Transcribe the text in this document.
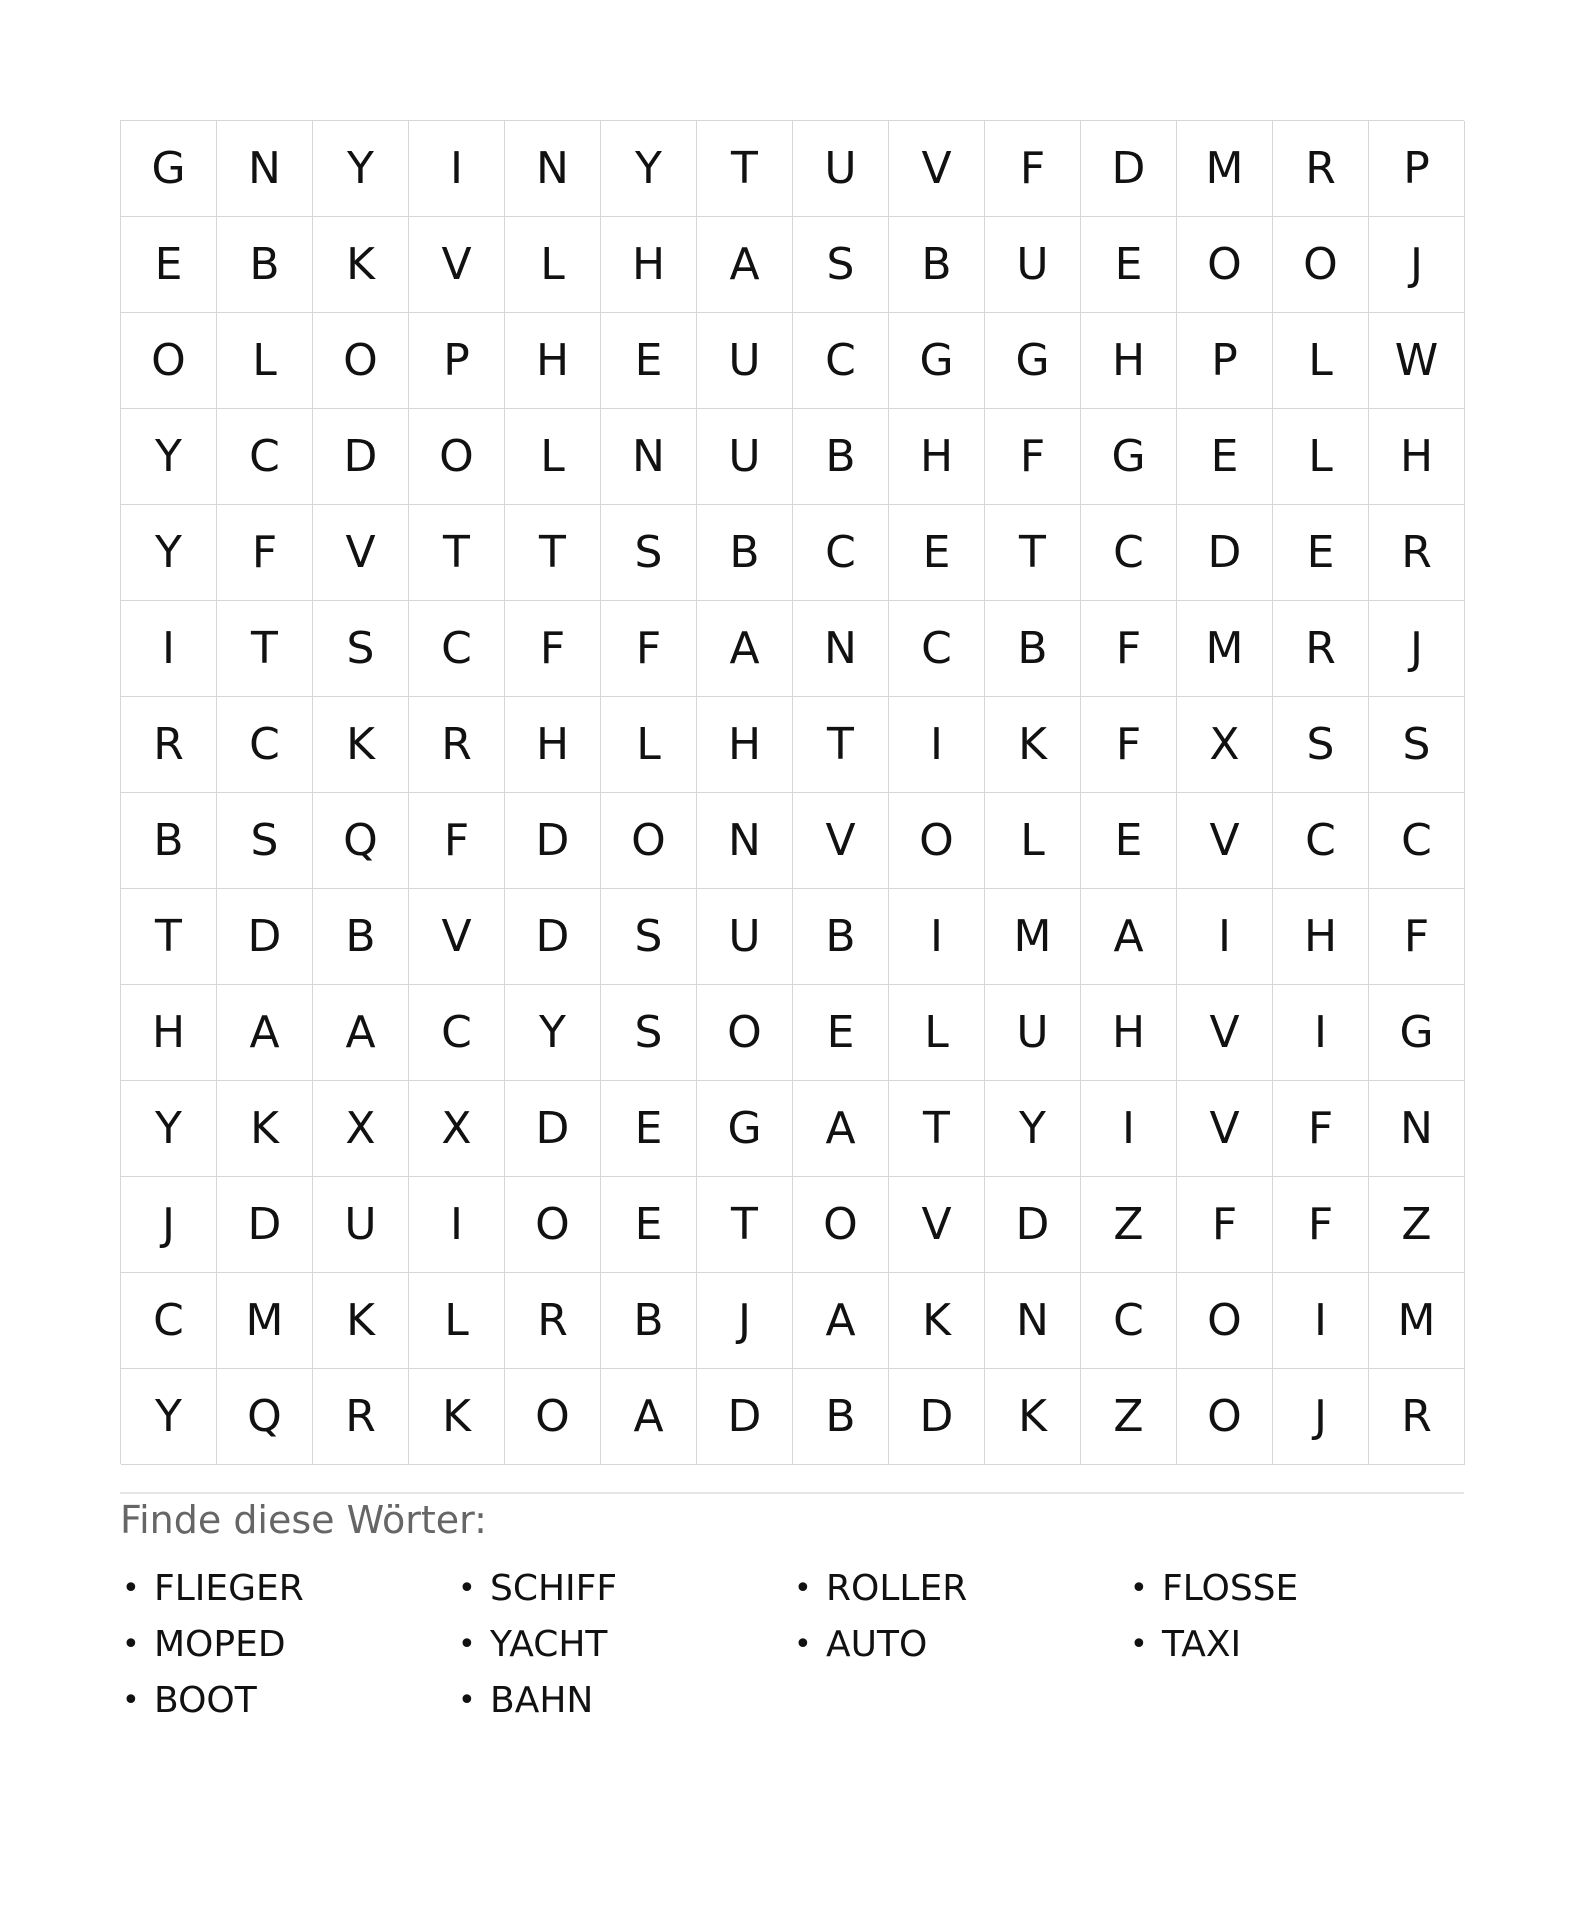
G	N	Y	I	N	Y	T	U	V	F	D	M	R	P
E	B	K	V	L	H	A	S	B	U	E	O	O	J
O	L	O	P	H	E	U	C	G	G	H	P	L	W
Y	C	D	O	L	N	U	B	H	F	G	E	L	H
Y	F	V	T	T	S	B	C	E	T	C	D	E	R
I	T	S	C	F	F	A	N	C	B	F	M	R	J
R	C	K	R	H	L	H	T	I	K	F	X	S	S
B	S	Q	F	D	O	N	V	O	L	E	V	C	C
T	D	B	V	D	S	U	B	I	M	A	I	H	F
H	A	A	C	Y	S	O	E	L	U	H	V	I	G
Y	K	X	X	D	E	G	A	T	Y	I	V	F	N
J	D	U	I	O	E	T	O	V	D	Z	F	F	Z
C	M	K	L	R	B	J	A	K	N	C	O	I	M
Y	Q	R	K	O	A	D	B	D	K	Z	O	J	R
Finde diese Wörter:
• FLIEGER	• SCHIFF	• ROLLER	• FLOSSE
• MOPED	• YACHT	• AUTO	• TAXI
• BOOT	• BAHN
